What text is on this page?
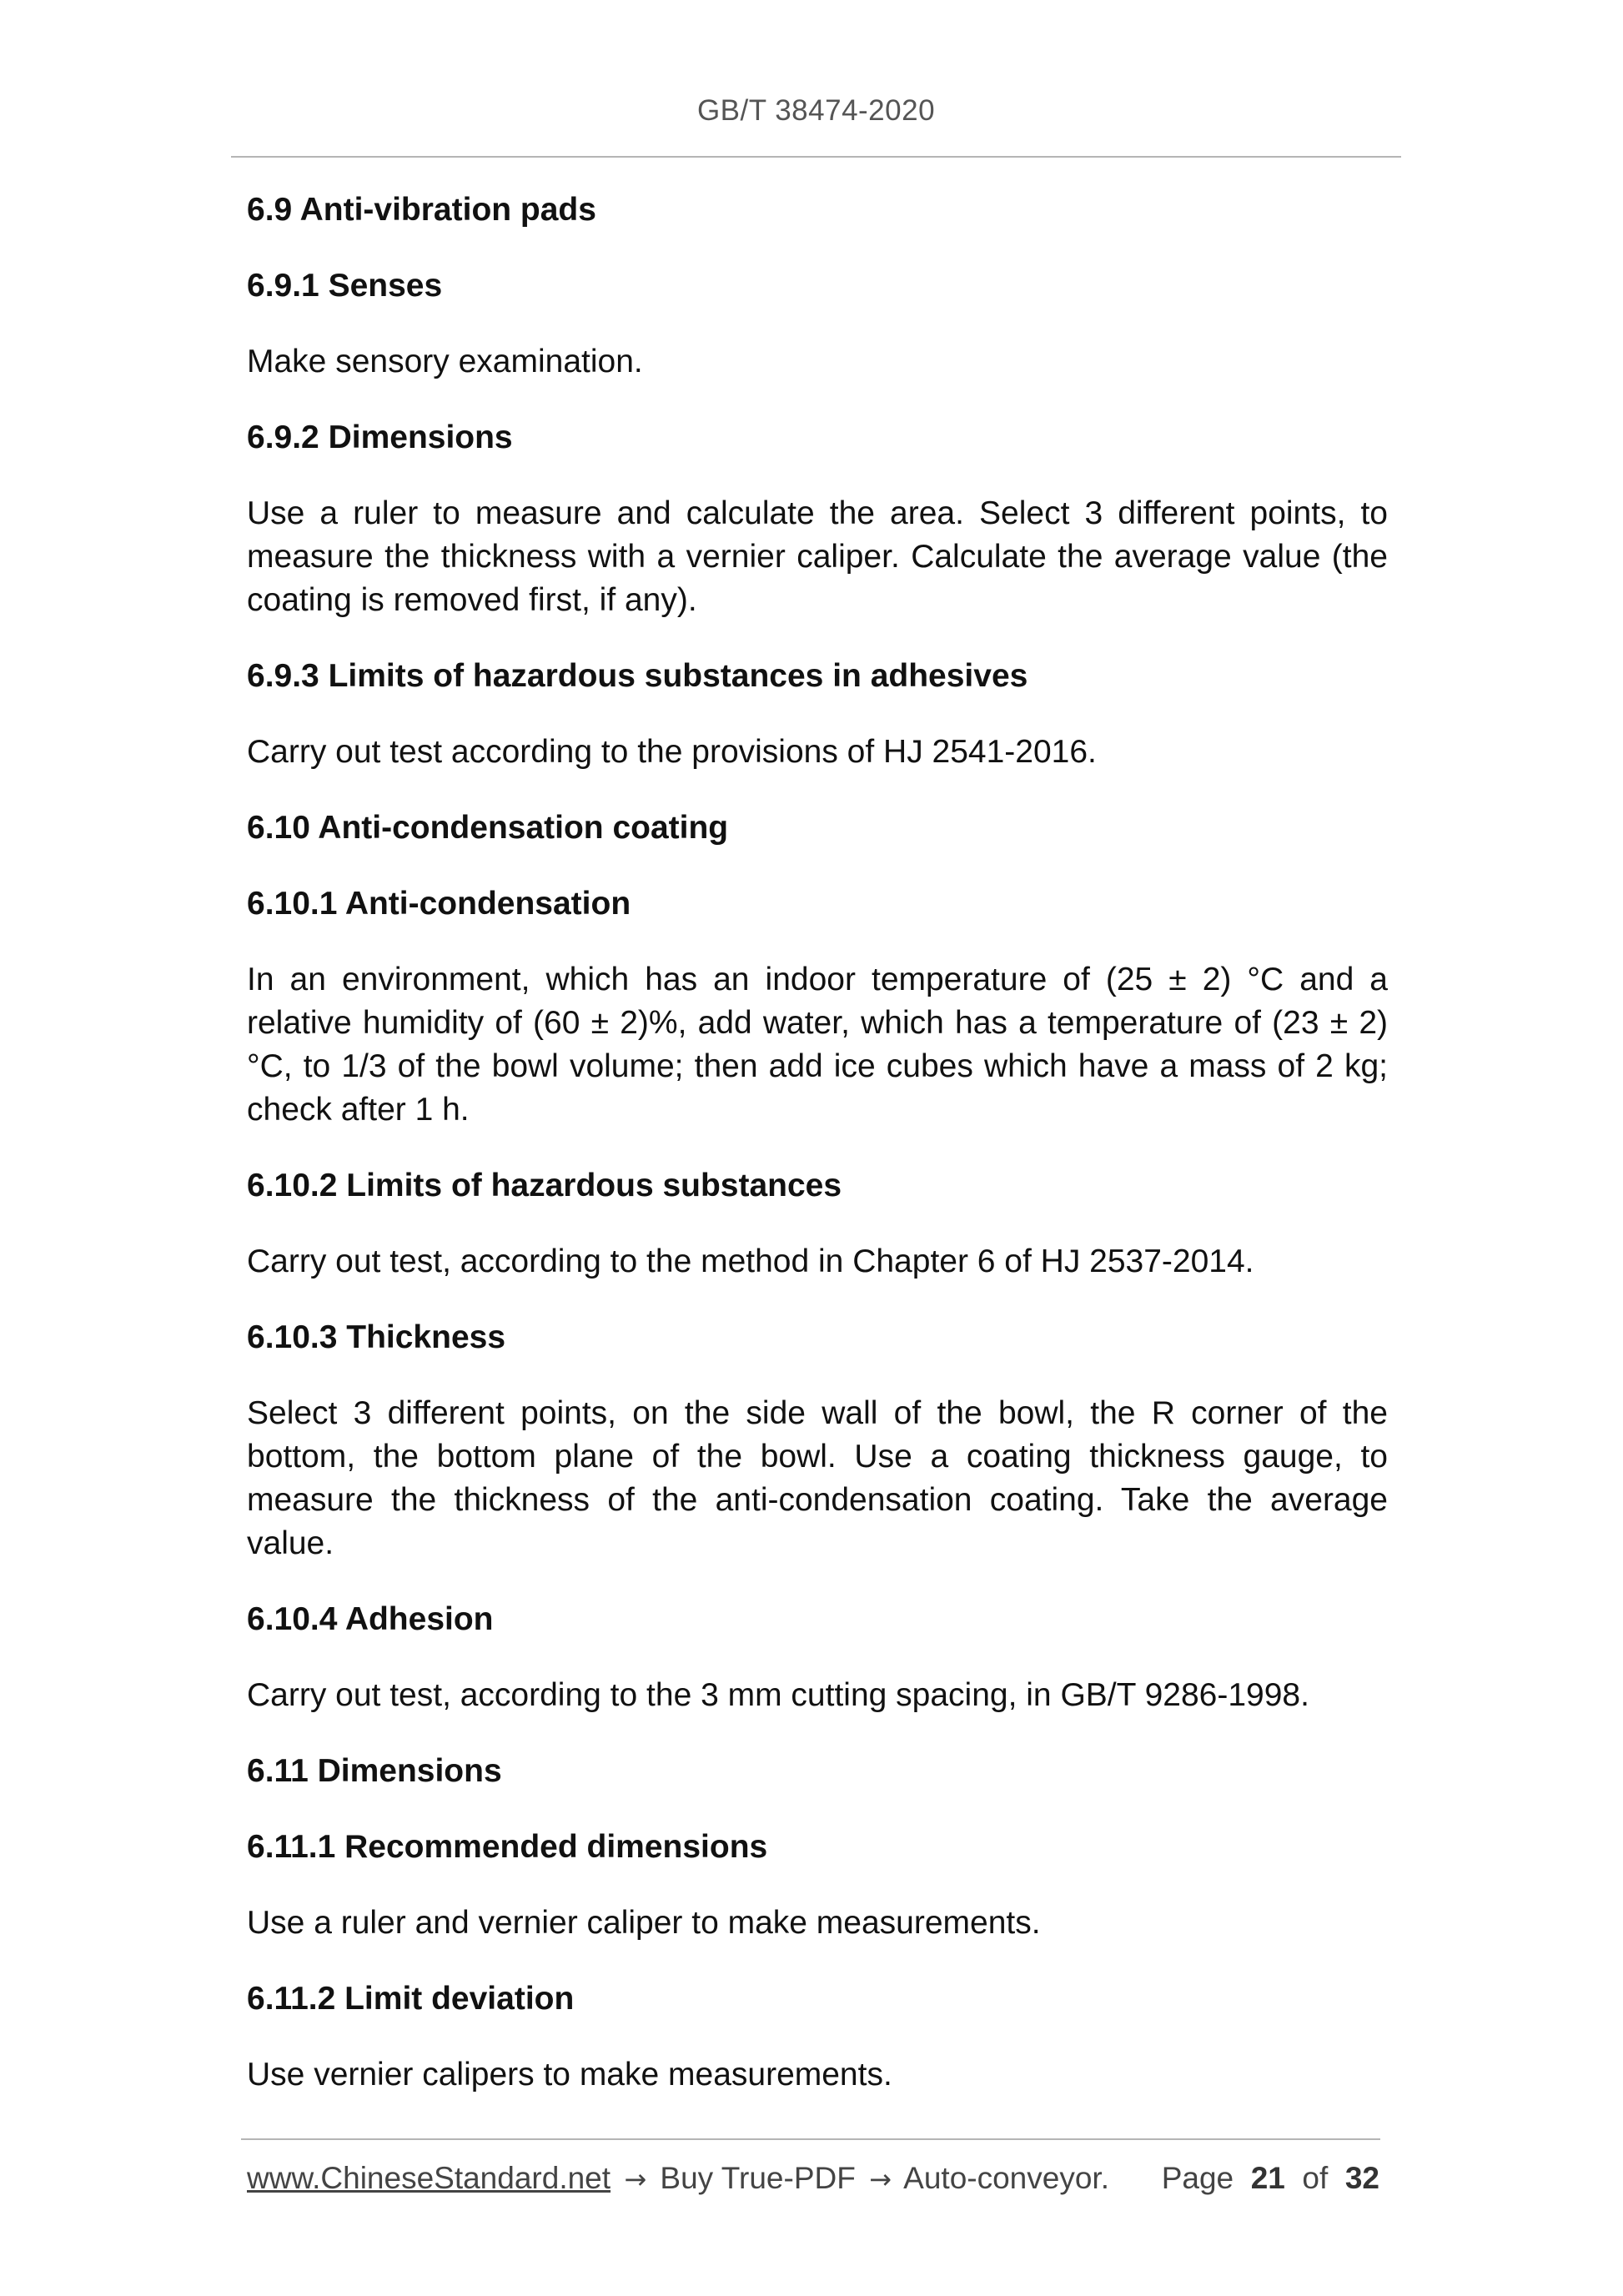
GB/T 38474-2020
6.9 Anti-vibration pads
6.9.1 Senses

Make sensory examination.

6.9.2 Dimensions

Use a ruler to measure and calculate the area. Select 3 different points, to measure the thickness with a vernier caliper. Calculate the average value (the coating is removed first, if any).

6.9.3 Limits of hazardous substances in adhesives

Carry out test according to the provisions of HJ 2541-2016.

6.10 Anti-condensation coating
6.10.1 Anti-condensation

In an environment, which has an indoor temperature of (25 ± 2) °C and a relative humidity of (60 ± 2)%, add water, which has a temperature of (23 ± 2) °C, to 1/3 of the bowl volume; then add ice cubes which have a mass of 2 kg; check after 1 h.

6.10.2 Limits of hazardous substances

Carry out test, according to the method in Chapter 6 of HJ 2537-2014.

6.10.3 Thickness

Select 3 different points, on the side wall of the bowl, the R corner of the bottom, the bottom plane of the bowl. Use a coating thickness gauge, to measure the thickness of the anti-condensation coating. Take the average value.

6.10.4 Adhesion

Carry out test, according to the 3 mm cutting spacing, in GB/T 9286-1998.

6.11 Dimensions
6.11.1 Recommended dimensions

Use a ruler and vernier caliper to make measurements.

6.11.2 Limit deviation

Use vernier calipers to make measurements.

www.ChineseStandard.net → Buy True-PDF → Auto-conveyor. Page 21 of 32
